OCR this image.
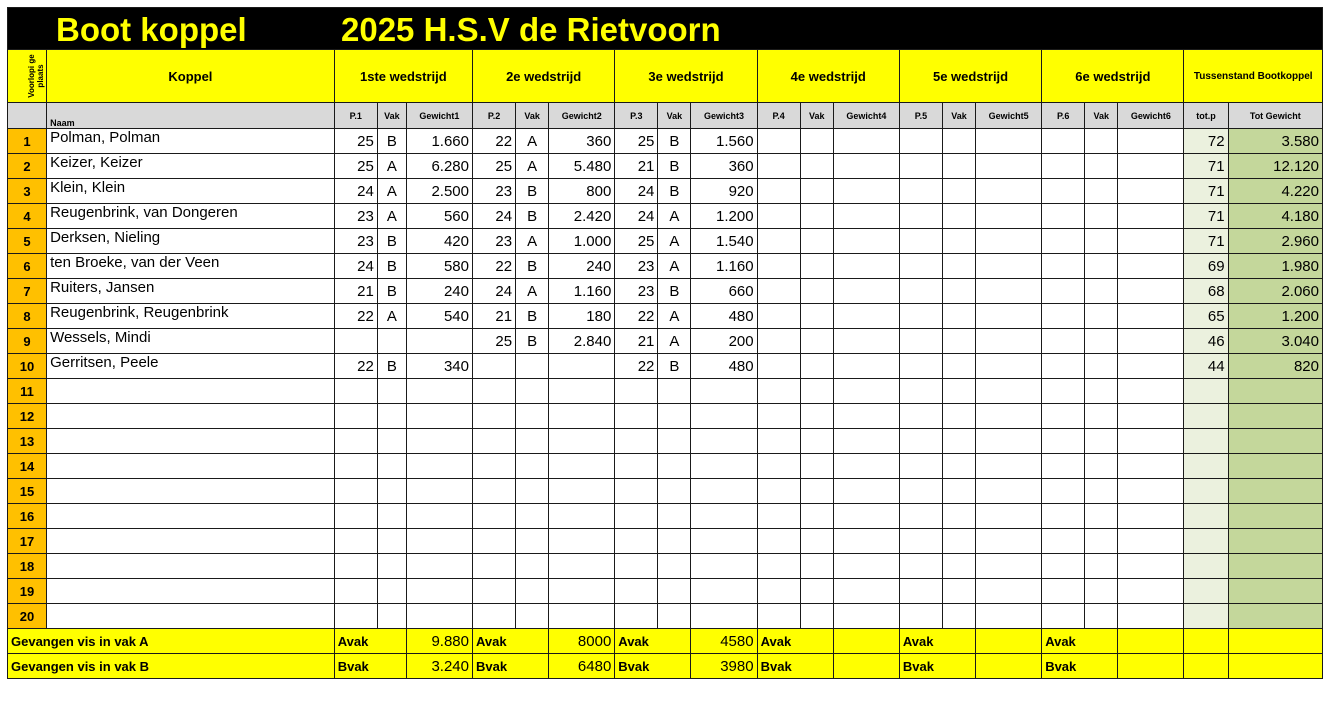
Boot koppel 2025 H.S.V de Rietvoorn																					

Voorlopi ge plaats	Koppel	1ste wedstrijd			2e wedstrijd			3e wedstrijd			4e wedstrijd			5e wedstrijd			6e wedstrijd			Tussenstand Bootkoppel	
	Naam	P.1	Vak	Gewicht1	P.2	Vak	Gewicht2	P.3	Vak	Gewicht3	P.4	Vak	Gewicht4	P.5	Vak	Gewicht5	P.6	Vak	Gewicht6	tot.p	Tot Gewicht
1	Polman, Polman	25	B	1.660	22	A	360	25	B	1.560										72	3.580
2	Keizer, Keizer	25	A	6.280	25	A	5.480	21	B	360										71	12.120
3	Klein, Klein	24	A	2.500	23	B	800	24	B	920										71	4.220
4	Reugenbrink, van Dongeren	23	A	560	24	B	2.420	24	A	1.200										71	4.180
5	Derksen, Nieling	23	B	420	23	A	1.000	25	A	1.540										71	2.960
6	ten Broeke, van der Veen	24	B	580	22	B	240	23	A	1.160										69	1.980
7	Ruiters, Jansen	21	B	240	24	A	1.160	23	B	660										68	2.060
8	Reugenbrink, Reugenbrink	22	A	540	21	B	180	22	A	480										65	1.200
9	Wessels, Mindi				25	B	2.840	21	A	200										46	3.040
10	Gerritsen, Peele	22	B	340				22	B	480										44	820
11																					
12																					
13																					
14																					
15																					
16																					
17																					
18																					
19																					
20																					
Gevangen vis in vak A		Avak		9.880	Avak		8000	Avak		4580	Avak			Avak			Avak				
Gevangen vis in vak B		Bvak		3.240	Bvak		6480	Bvak		3980	Bvak			Bvak			Bvak				
